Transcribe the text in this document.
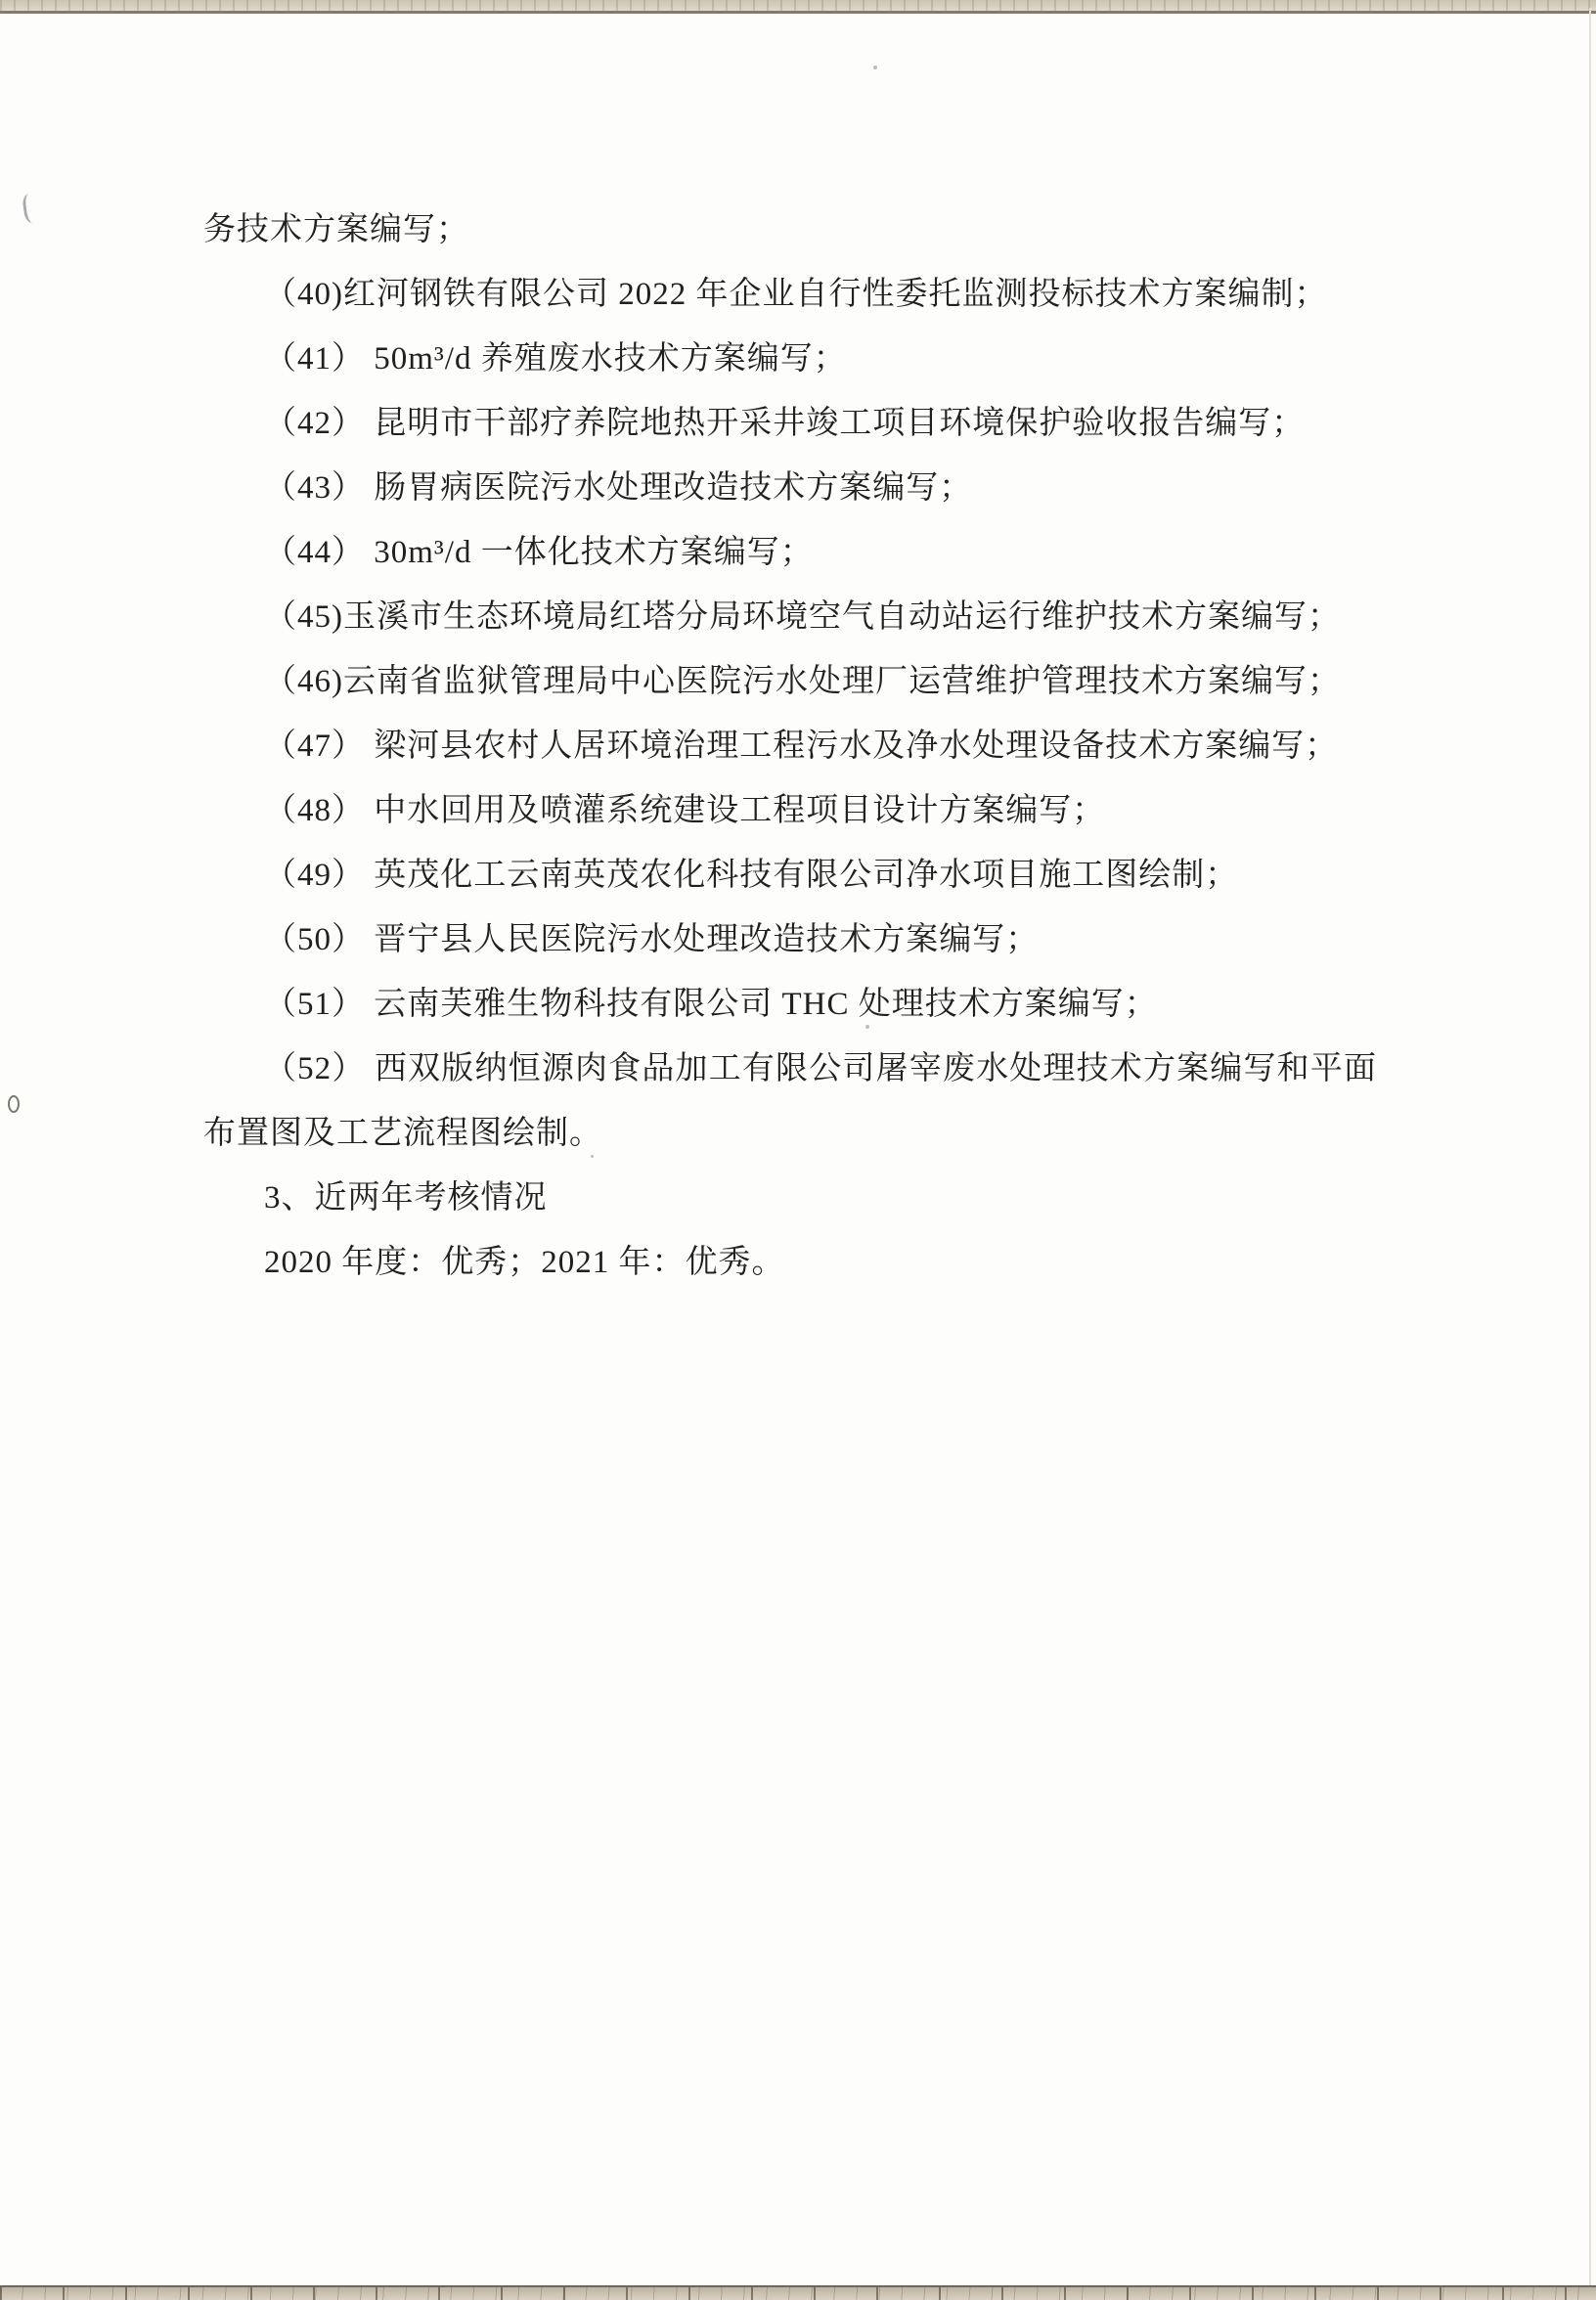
务技术方案编写；

（40)红河钢铁有限公司 2022 年企业自行性委托监测投标技术方案编制；

（41） 50m³/d 养殖废水技术方案编写；

（42） 昆明市干部疗养院地热开采井竣工项目环境保护验收报告编写；

（43） 肠胃病医院污水处理改造技术方案编写；

（44） 30m³/d 一体化技术方案编写；

（45)玉溪市生态环境局红塔分局环境空气自动站运行维护技术方案编写；

（46)云南省监狱管理局中心医院污水处理厂运营维护管理技术方案编写；

（47） 梁河县农村人居环境治理工程污水及净水处理设备技术方案编写；

（48） 中水回用及喷灌系统建设工程项目设计方案编写；

（49） 英茂化工云南英茂农化科技有限公司净水项目施工图绘制；

（50） 晋宁县人民医院污水处理改造技术方案编写；

（51） 云南芙雅生物科技有限公司 THC 处理技术方案编写；

（52） 西双版纳恒源肉食品加工有限公司屠宰废水处理技术方案编写和平面布置图及工艺流程图绘制。

3、近两年考核情况

2020 年度：优秀；2021 年：优秀。
